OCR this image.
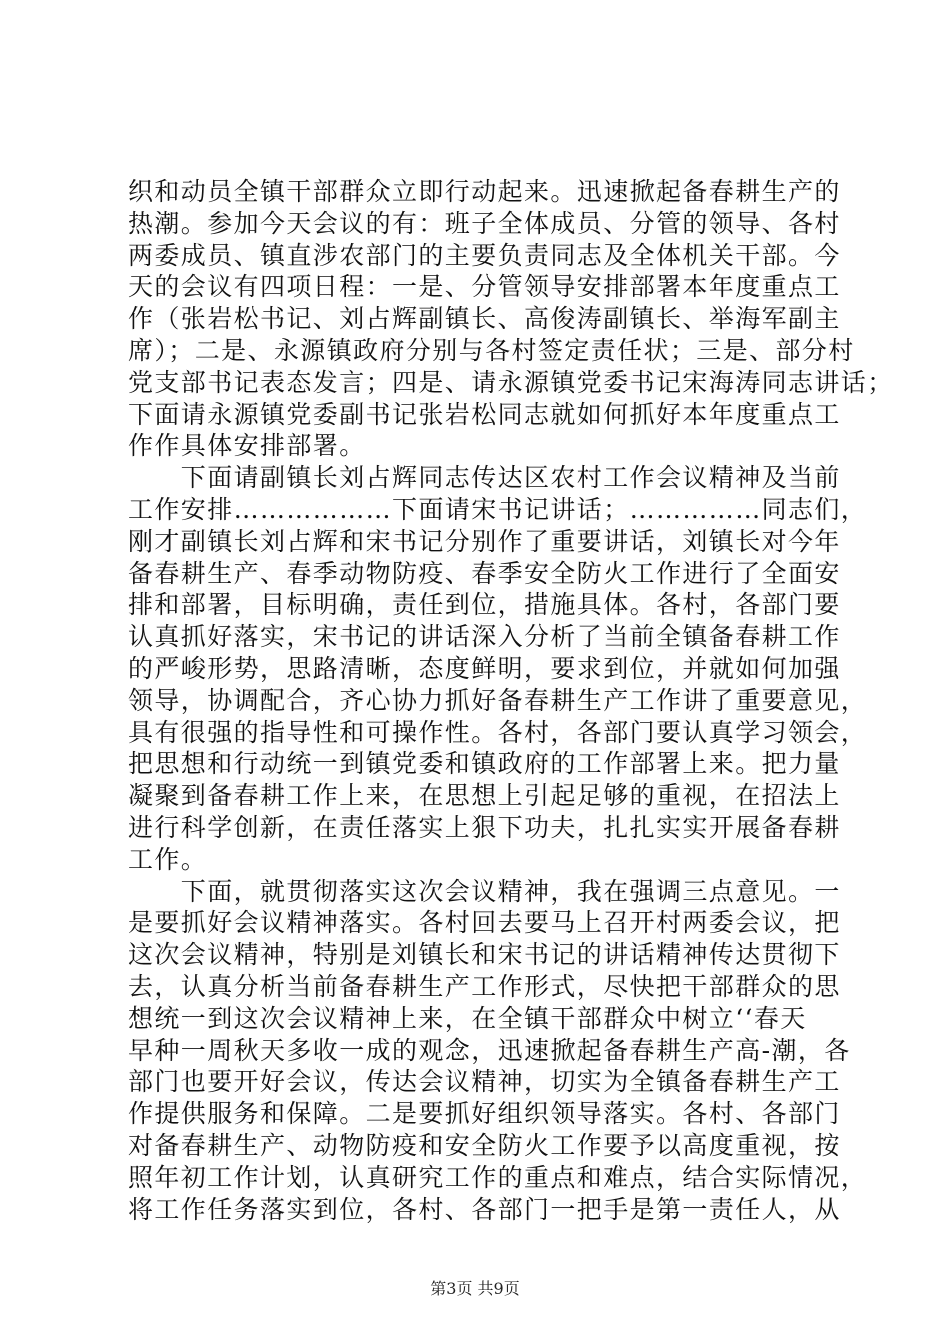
织和动员全镇干部群众立即行动起来。迅速掀起备春耕生产的
热潮。参加今天会议的有：班子全体成员、分管的领导、各村
两委成员、镇直涉农部门的主要负责同志及全体机关干部。今
天的会议有四项日程：一是、分管领导安排部署本年度重点工
作（张岩松书记、刘占辉副镇长、高俊涛副镇长、举海军副主
席）；二是、永源镇政府分别与各村签定责任状；三是、部分村
党支部书记表态发言；四是、请永源镇党委书记宋海涛同志讲话；
下面请永源镇党委副书记张岩松同志就如何抓好本年度重点工
作作具体安排部署。
　　下面请副镇长刘占辉同志传达区农村工作会议精神及当前
工作安排………………下面请宋书记讲话；……………同志们，
刚才副镇长刘占辉和宋书记分别作了重要讲话，刘镇长对今年
备春耕生产、春季动物防疫、春季安全防火工作进行了全面安
排和部署，目标明确，责任到位，措施具体。各村，各部门要
认真抓好落实，宋书记的讲话深入分析了当前全镇备春耕工作
的严峻形势，思路清晰，态度鲜明，要求到位，并就如何加强
领导，协调配合，齐心协力抓好备春耕生产工作讲了重要意见，
具有很强的指导性和可操作性。各村，各部门要认真学习领会，
把思想和行动统一到镇党委和镇政府的工作部署上来。把力量
凝聚到备春耕工作上来，在思想上引起足够的重视，在招法上
进行科学创新，在责任落实上狠下功夫，扎扎实实开展备春耕
工作。
　　下面，就贯彻落实这次会议精神，我在强调三点意见。一
是要抓好会议精神落实。各村回去要马上召开村两委会议，把
这次会议精神，特别是刘镇长和宋书记的讲话精神传达贯彻下
去，认真分析当前备春耕生产工作形式，尽快把干部群众的思
想统一到这次会议精神上来，在全镇干部群众中树立‘‘春天
早种一周秋天多收一成的观念，迅速掀起备春耕生产高-潮，各
部门也要开好会议，传达会议精神，切实为全镇备春耕生产工
作提供服务和保障。二是要抓好组织领导落实。各村、各部门
对备春耕生产、动物防疫和安全防火工作要予以高度重视，按
照年初工作计划，认真研究工作的重点和难点，结合实际情况，
将工作任务落实到位，各村、各部门一把手是第一责任人，从
第3页 共9页
